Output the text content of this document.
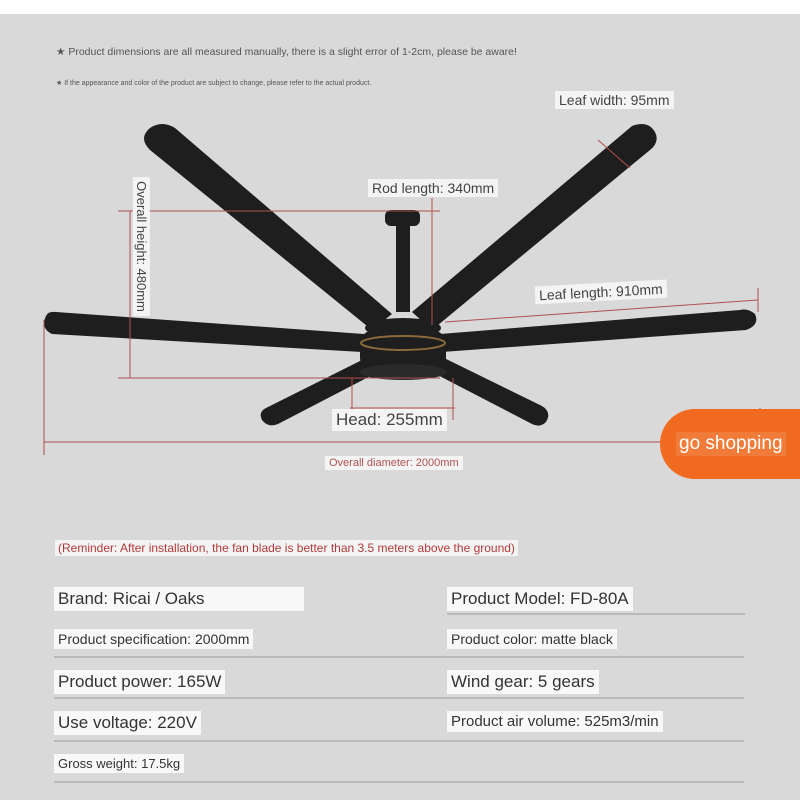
★ Product dimensions are all measured manually, there is a slight error of 1-2cm, please be aware!
★ If the appearance and color of the product are subject to change, please refer to the actual product.
Leaf width: 95mm
Rod length: 340mm
Overall height: 480mm	Leaf length: 910mm
Head: 255mm
Overall diameter: 2000mm
go shopping
(Reminder: After installation, the fan blade is better than 3.5 meters above the ground)
Brand: Ricai / Oaks	Product Model: FD-80A
Product specification: 2000mm	Product color: matte black
Product power: 165W	Wind gear: 5 gears
Use voltage: 220V	Product air volume: 525m3/min
Gross weight: 17.5kg
